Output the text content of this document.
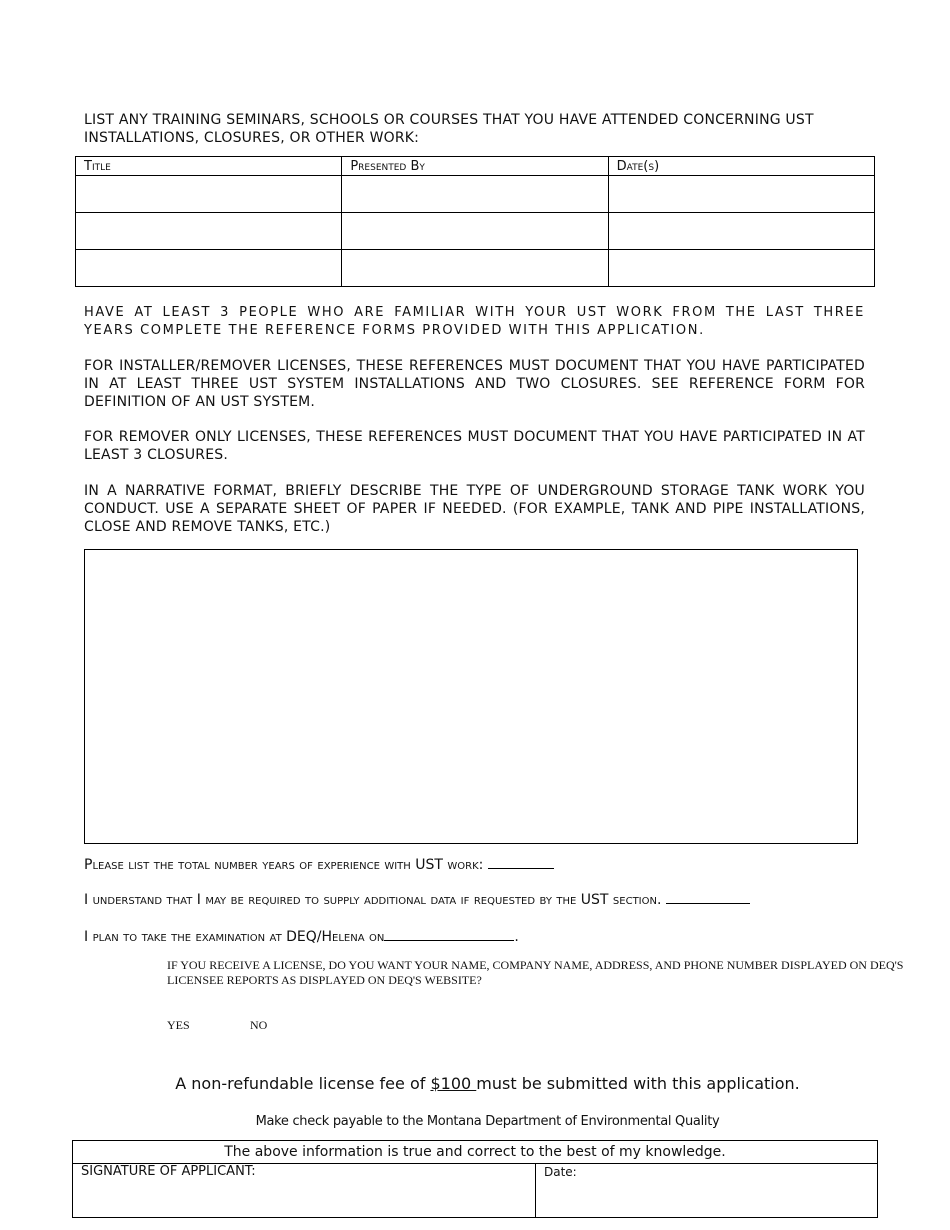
LIST ANY TRAINING SEMINARS, SCHOOLS OR COURSES THAT YOU HAVE ATTENDED CONCERNING UST INSTALLATIONS, CLOSURES, OR OTHER WORK:
Title	Presented By	Date(s)

HAVE AT LEAST 3 PEOPLE WHO ARE FAMILIAR WITH YOUR UST WORK FROM THE LAST THREE YEARS COMPLETE THE REFERENCE FORMS PROVIDED WITH THIS APPLICATION.
FOR INSTALLER/REMOVER LICENSES, THESE REFERENCES MUST DOCUMENT THAT YOU HAVE PARTICIPATED IN AT LEAST THREE UST SYSTEM INSTALLATIONS AND TWO CLOSURES. SEE REFERENCE FORM FOR DEFINITION OF AN UST SYSTEM.
FOR REMOVER ONLY LICENSES, THESE REFERENCES MUST DOCUMENT THAT YOU HAVE PARTICIPATED IN AT LEAST 3 CLOSURES.
IN A NARRATIVE FORMAT, BRIEFLY DESCRIBE THE TYPE OF UNDERGROUND STORAGE TANK WORK YOU CONDUCT. USE A SEPARATE SHEET OF PAPER IF NEEDED. (FOR EXAMPLE, TANK AND PIPE INSTALLATIONS, CLOSE AND REMOVE TANKS, ETC.)
Please list the total number years of experience with UST work:
I understand that I may be required to supply additional data if requested by the UST section.
I plan to take the examination at DEQ/Helena on	.
IF YOU RECEIVE A LICENSE, DO YOU WANT YOUR NAME, COMPANY NAME, ADDRESS, AND PHONE NUMBER DISPLAYED ON DEQ'S LICENSEE REPORTS AS DISPLAYED ON DEQ'S WEBSITE?
YES	NO
A non-refundable license fee of $100 must be submitted with this application.
Make check payable to the Montana Department of Environmental Quality
The above information is true and correct to the best of my knowledge.
SIGNATURE OF APPLICANT:	Date:
